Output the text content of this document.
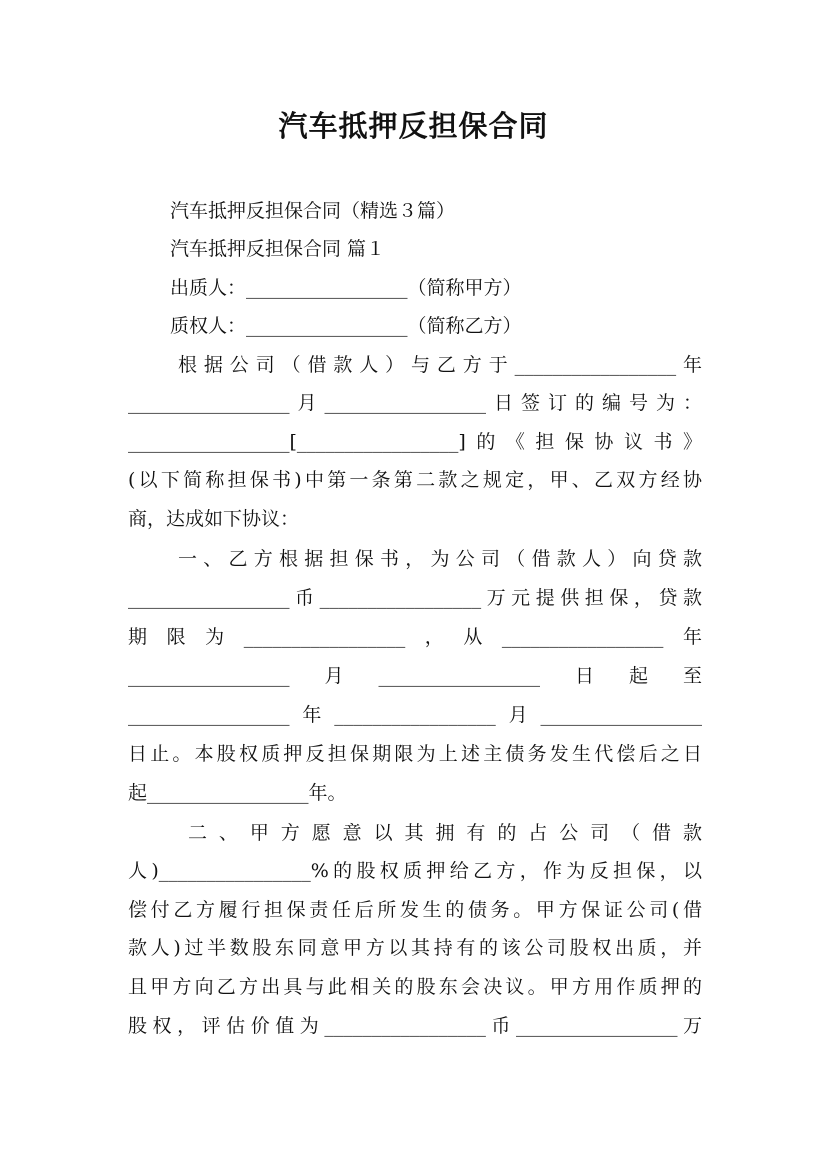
汽车抵押反担保合同
汽车抵押反担保合同（精选３篇）
汽车抵押反担保合同 篇１
出质人：_________________（简称甲方）
质权人：_________________（简称乙方）
根据公司（借款人）与乙方于_________________年
_________________月_________________日签订的编号为：
_________________[_________________]的《担保协议书》
(以下简称担保书)中第一条第二款之规定，甲、乙双方经协
商，达成如下协议：
一、乙方根据担保书，为公司（借款人）向贷款
_________________币_________________万元提供担保，贷款
期限为_________________，从_________________年
_________________月_________________日起至
_________________年_________________月_________________
日止。本股权质押反担保期限为上述主债务发生代偿后之日
起_________________年。
二、甲方愿意以其拥有的占公司（借款
人)________________%的股权质押给乙方，作为反担保，以
偿付乙方履行担保责任后所发生的债务。甲方保证公司(借
款人)过半数股东同意甲方以其持有的该公司股权出质，并
且甲方向乙方出具与此相关的股东会决议。甲方用作质押的
股权，评估价值为_________________币_________________万
